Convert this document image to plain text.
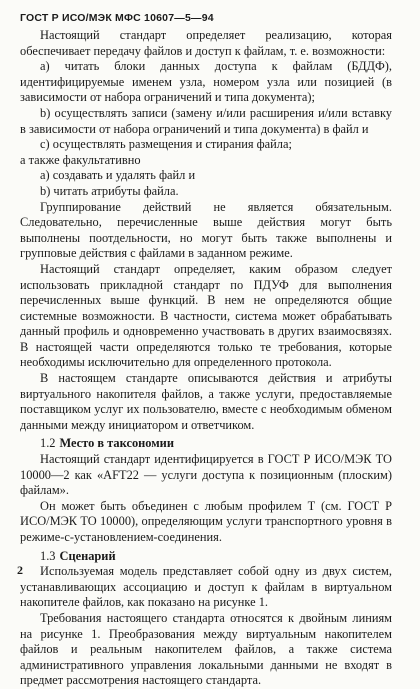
ГОСТ Р ИСО/МЭК МФС 10607—5—94

Настоящий стандарт определяет реализацию, которая обеспечивает передачу файлов и доступ к файлам, т. е. возможности:

а) читать блоки данных доступа к файлам (БДДФ), идентифицируемые именем узла, номером узла или позицией (в зависимости от набора ограничений и типа документа);

b) осуществлять записи (замену и/или расширения и/или вставку в зависимости от набора ограничений и типа документа) в файл и

с) осуществлять размещения и стирания файла;

а также факультативно

а) создавать и удалять файл и

b) читать атрибуты файла.

Группирование действий не является обязательным. Следовательно, перечисленные выше действия могут быть выполнены поотдельности, но могут быть также выполнены и групповые действия с файлами в заданном режиме.

Настоящий стандарт определяет, каким образом следует использовать прикладной стандарт по ПДУФ для выполнения перечисленных выше функций. В нем не определяются общие системные возможности. В частности, система может обрабатывать данный профиль и одновременно участвовать в других взаимосвязях. В настоящей части определяются только те требования, которые необходимы исключительно для определенного протокола.

В настоящем стандарте описываются действия и атрибуты виртуального накопителя файлов, а также услуги, предоставляемые поставщиком услуг их пользователю, вместе с необходимым обменом данными между инициатором и ответчиком.

1.2 Место в таксономии

Настоящий стандарт идентифицируется в ГОСТ Р ИСО/МЭК ТО 10000—2 как «AFT22 — услуги доступа к позиционным (плоским) файлам».

Он может быть объединен с любым профилем Т (см. ГОСТ Р ИСО/МЭК ТО 10000), определяющим услуги транспортного уровня в режиме-с-установлением-соединения.

1.3 Сценарий

Используемая модель представляет собой одну из двух систем, устанавливающих ассоциацию и доступ к файлам в виртуальном накопителе файлов, как показано на рисунке 1.

Требования настоящего стандарта относятся к двойным линиям на рисунке 1. Преобразования между виртуальным накопителем файлов и реальным накопителем файлов, а также система административного управления локальными данными не входят в предмет рассмотрения настоящего стандарта.

2
